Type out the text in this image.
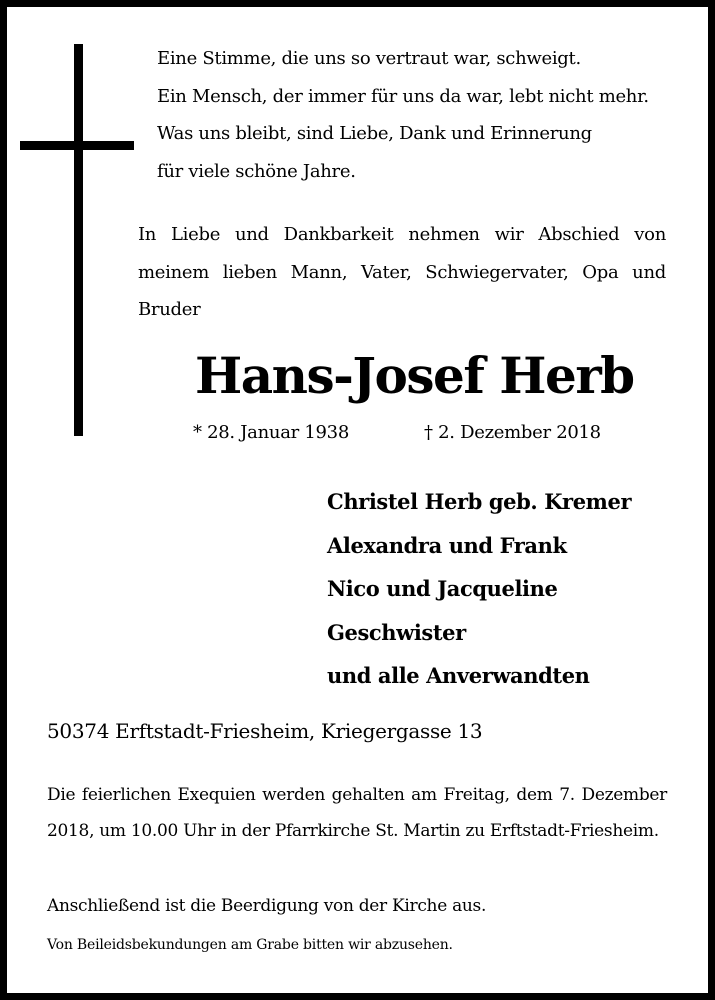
Eine Stimme, die uns so vertraut war, schweigt.
Ein Mensch, der immer für uns da war, lebt nicht mehr.
Was uns bleibt, sind Liebe, Dank und Erinnerung
für viele schöne Jahre.
In Liebe und Dankbarkeit nehmen wir Abschied von meinem lieben Mann, Vater, Schwiegervater, Opa und Bruder
Hans-Josef Herb
* 28. Januar 1938	† 2. Dezember 2018
Christel Herb geb. Kremer
Alexandra und Frank
Nico und Jacqueline
Geschwister
und alle Anverwandten
50374 Erftstadt-Friesheim, Kriegergasse 13
Die feierlichen Exequien werden gehalten am Freitag, dem 7. Dezember 2018, um 10.00 Uhr in der Pfarrkirche St. Martin zu Erftstadt-Friesheim.
Anschließend ist die Beerdigung von der Kirche aus.
Von Beileidsbekundungen am Grabe bitten wir abzusehen.
